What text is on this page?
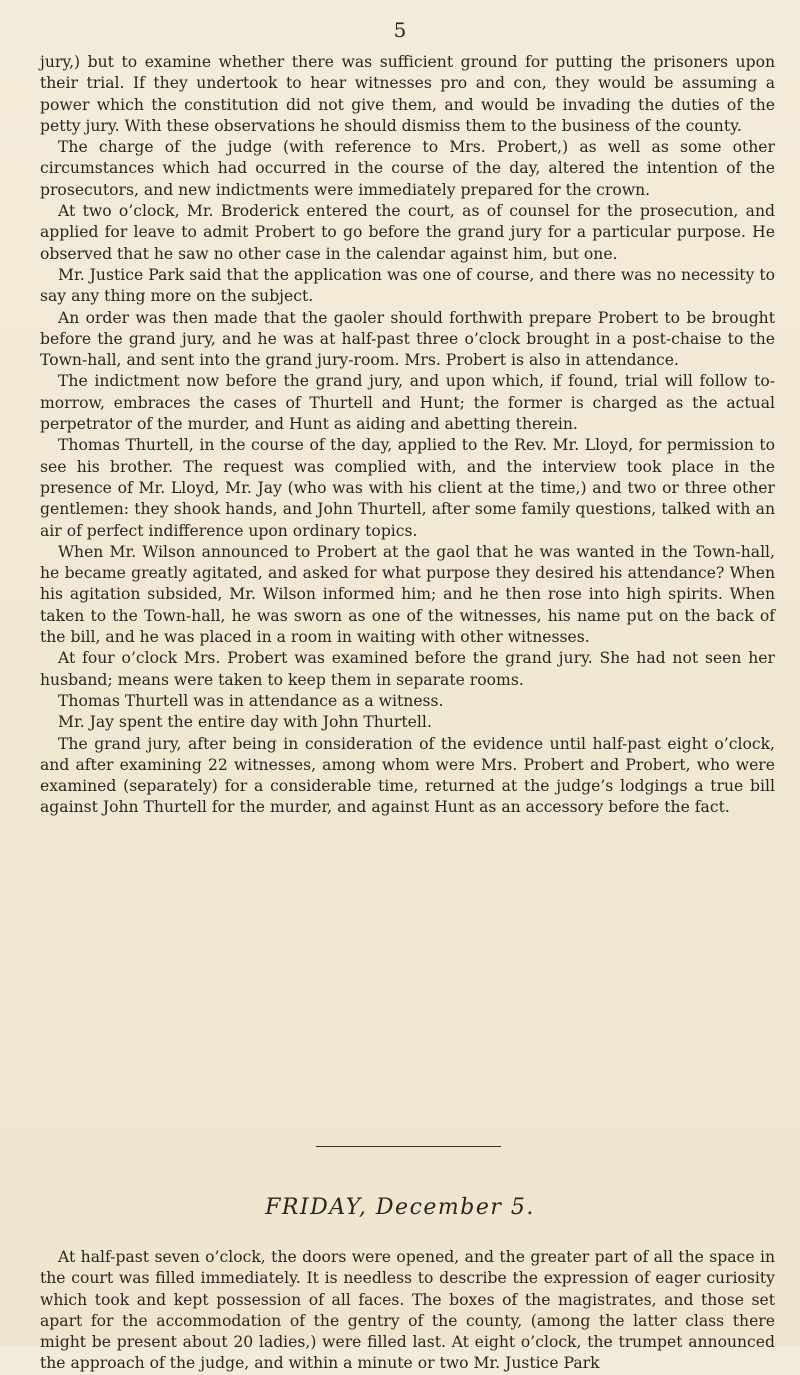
5

jury,) but to examine whether there was sufficient ground for putting the prisoners upon their trial. If they undertook to hear witnesses pro and con, they would be assuming a power which the constitution did not give them, and would be invading the duties of the petty jury. With these observations he should dismiss them to the business of the county.

The charge of the judge (with reference to Mrs. Probert,) as well as some other circumstances which had occurred in the course of the day, altered the intention of the prosecutors, and new indictments were immediately prepared for the crown.

At two o’clock, Mr. Broderick entered the court, as of counsel for the prosecution, and applied for leave to admit Probert to go before the grand jury for a particular purpose. He observed that he saw no other case in the calendar against him, but one.

Mr. Justice Park said that the application was one of course, and there was no necessity to say any thing more on the subject.

An order was then made that the gaoler should forthwith prepare Probert to be brought before the grand jury, and he was at half-past three o’clock brought in a post-chaise to the Town-hall, and sent into the grand jury-room. Mrs. Probert is also in attendance.

The indictment now before the grand jury, and upon which, if found, trial will follow to-morrow, embraces the cases of Thurtell and Hunt; the former is charged as the actual perpetrator of the murder, and Hunt as aiding and abetting therein.

Thomas Thurtell, in the course of the day, applied to the Rev. Mr. Lloyd, for permission to see his brother. The request was complied with, and the interview took place in the presence of Mr. Lloyd, Mr. Jay (who was with his client at the time,) and two or three other gentlemen: they shook hands, and John Thurtell, after some family questions, talked with an air of perfect indifference upon ordinary topics.

When Mr. Wilson announced to Probert at the gaol that he was wanted in the Town-hall, he became greatly agitated, and asked for what purpose they desired his attendance? When his agitation subsided, Mr. Wilson informed him; and he then rose into high spirits. When taken to the Town-hall, he was sworn as one of the witnesses, his name put on the back of the bill, and he was placed in a room in waiting with other witnesses.

At four o’clock Mrs. Probert was examined before the grand jury. She had not seen her husband; means were taken to keep them in separate rooms.

Thomas Thurtell was in attendance as a witness.

Mr. Jay spent the entire day with John Thurtell.

The grand jury, after being in consideration of the evidence until half-past eight o’clock, and after examining 22 witnesses, among whom were Mrs. Probert and Probert, who were examined (separately) for a considerable time, returned at the judge’s lodgings a true bill against John Thurtell for the murder, and against Hunt as an accessory before the fact.

FRIDAY, December 5.

At half-past seven o’clock, the doors were opened, and the greater part of all the space in the court was filled immediately. It is needless to describe the expression of eager curiosity which took and kept possession of all faces. The boxes of the magistrates, and those set apart for the accommodation of the gentry of the county, (among the latter class there might be present about 20 ladies,) were filled last. At eight o’clock, the trumpet announced the approach of the judge, and within a minute or two Mr. Justice Park
